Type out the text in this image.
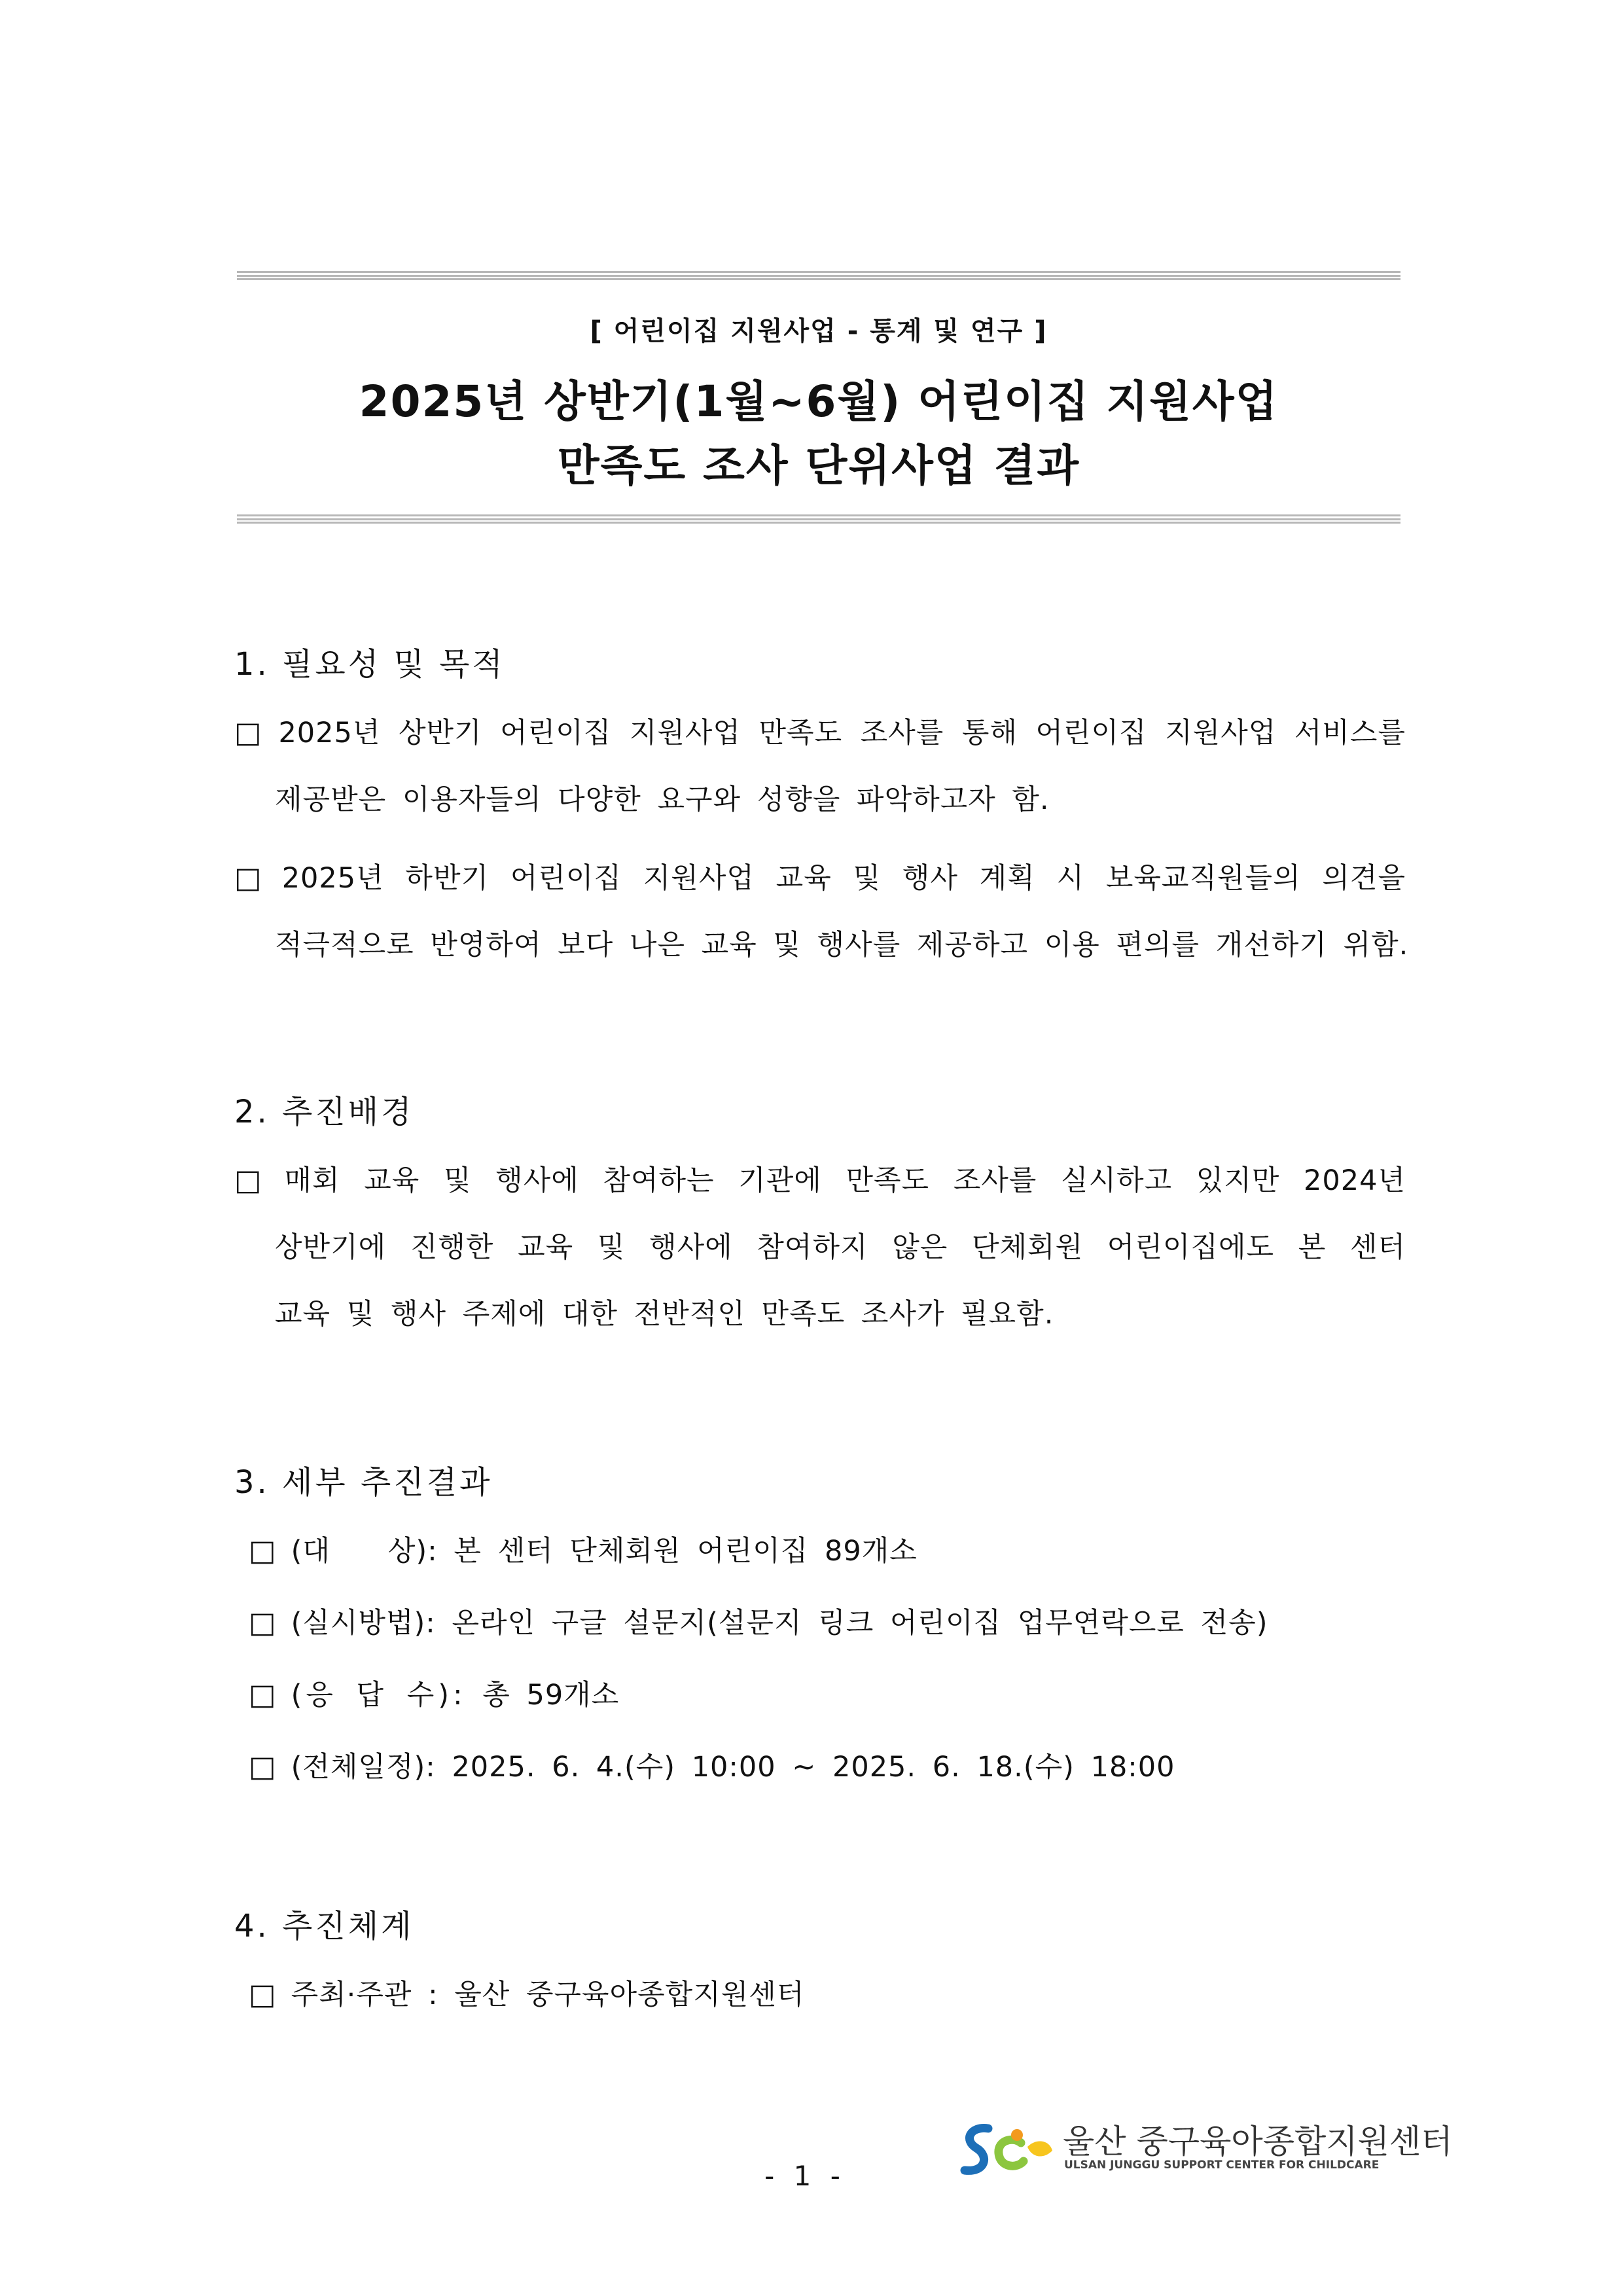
[ 어린이집 지원사업 - 통계 및 연구 ]
2025년 상반기(1월~6월) 어린이집 지원사업
만족도 조사 단위사업 결과
1. 필요성 및 목적
□ 2025년 상반기 어린이집 지원사업 만족도 조사를 통해 어린이집 지원사업 서비스를
제공받은 이용자들의 다양한 요구와 성향을 파악하고자 함.
□ 2025년 하반기 어린이집 지원사업 교육 및 행사 계획 시 보육교직원들의 의견을
적극적으로 반영하여 보다 나은 교육 및 행사를 제공하고 이용 편의를 개선하기 위함.
2. 추진배경
□ 매회 교육 및 행사에 참여하는 기관에 만족도 조사를 실시하고 있지만 2024년
상반기에 진행한 교육 및 행사에 참여하지 않은 단체회원 어린이집에도 본 센터
교육 및 행사 주제에 대한 전반적인 만족도 조사가 필요함.
3. 세부 추진결과
□ (대　　상): 본 센터 단체회원 어린이집 89개소
□ (실시방법): 온라인 구글 설문지(설문지 링크 어린이집 업무연락으로 전송)
□ (응 답 수): 총 59개소
□ (전체일정): 2025. 6. 4.(수) 10:00 ~ 2025. 6. 18.(수) 18:00
4. 추진체계
□ 주최·주관 : 울산 중구육아종합지원센터
- 1 -
울산 중구육아종합지원센터
ULSAN JUNGGU SUPPORT CENTER FOR CHILDCARE
